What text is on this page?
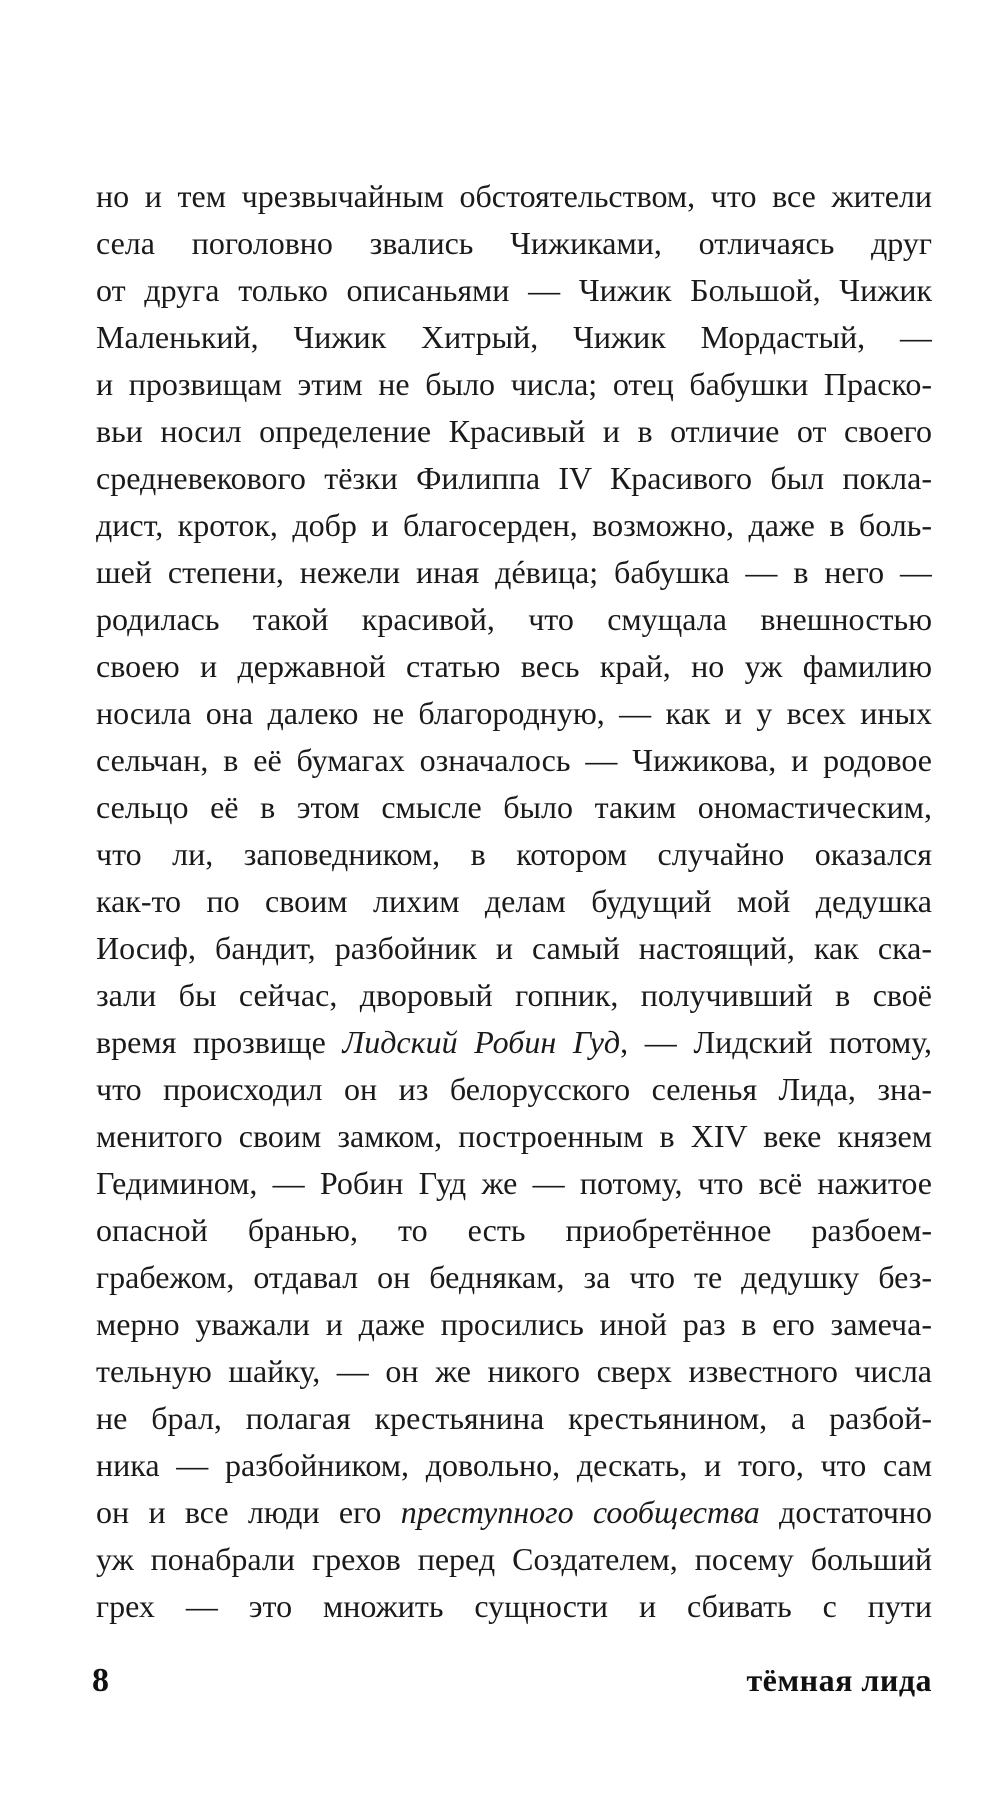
но и тем чрезвычайным обстоятельством, что все жители
села поголовно звались Чижиками, отличаясь друг
от друга только описаньями — Чижик Большой, Чижик
Маленький, Чижик Хитрый, Чижик Мордастый, —
и прозвищам этим не было числа; отец бабушки Праско-
вьи носил определение Красивый и в отличие от своего
средневекового тёзки Филиппа IV Красивого был покла-
дист, кроток, добр и благосерден, возможно, даже в боль-
шей степени, нежели иная дéвица; бабушка — в него —
родилась такой красивой, что смущала внешностью
своею и державной статью весь край, но уж фамилию
носила она далеко не благородную, — как и у всех иных
сельчан, в её бумагах означалось — Чижикова, и родовое
сельцо её в этом смысле было таким ономастическим,
что ли, заповедником, в котором случайно оказался
как-то по своим лихим делам будущий мой дедушка
Иосиф, бандит, разбойник и самый настоящий, как ска-
зали бы сейчас, дворовый гопник, получивший в своё
время прозвище Лидский Робин Гуд, — Лидский потому,
что происходил он из белорусского селенья Лида, зна-
менитого своим замком, построенным в XIV веке князем
Гедимином, — Робин Гуд же — потому, что всё нажитое
опасной бранью, то есть приобретённое разбоем-
грабежом, отдавал он беднякам, за что те дедушку без-
мерно уважали и даже просились иной раз в его замеча-
тельную шайку, — он же никого сверх известного числа
не брал, полагая крестьянина крестьянином, а разбой-
ника — разбойником, довольно, дескать, и того, что сам
он и все люди его преступного сообщества достаточно
уж понабрали грехов перед Создателем, посему больший
грех — это множить сущности и сбивать с пути
8	тёмная лида
